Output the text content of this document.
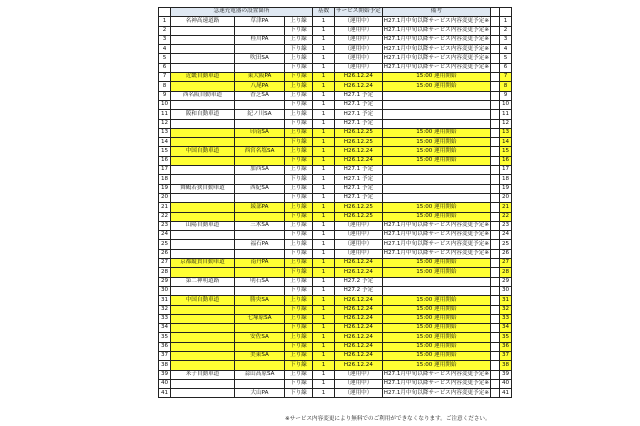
	急速充電器の設置箇所			基数	サービス開始予定	備考		
1	名神高速道路	草津PA	上り線	1	（運用中）	H27.1月中旬以降サービス内容変更予定※		1
2			下り線	1	（運用中）	H27.1月中旬以降サービス内容変更予定※		2
3		桂川PA	上り線	1	（運用中）	H27.1月中旬以降サービス内容変更予定※		3
4			下り線	1	（運用中）	H27.1月中旬以降サービス内容変更予定※		4
5		吹田SA	上り線	1	（運用中）	H27.1月中旬以降サービス内容変更予定※		5
6			下り線	1	（運用中）	H27.1月中旬以降サービス内容変更予定※		6
7	近畿自動車道	東大阪PA	下り線	1	H26.12.24	15:00 運用開始		7
8		八尾PA	上り線	1	H26.12.24	15:00 運用開始		8
9	西名阪自動車道	香芝SA	上り線	1	H27.1 予定			9
10			下り線	1	H27.1 予定			10
11	阪和自動車道	紀ノ川SA	上り線	1	H27.1 予定			11
12			下り線	1	H27.1 予定			12
13		印南SA	上り線	1	H26.12.25	15:00 運用開始		13
14			下り線	1	H26.12.25	15:00 運用開始		14
15	中国自動車道	西宮名塩SA	上り線	1	H26.12.24	15:00 運用開始		15
16			下り線	1	H26.12.24	15:00 運用開始		16
17		加西SA	上り線	1	H27.1 予定			17
18			下り線	1	H27.1 予定			18
19	舞鶴若狭自動車道	西紀SA	上り線	1	H27.1 予定			19
20			下り線	1	H27.1 予定			20
21		綾部PA	上り線	1	H26.12.25	15:00 運用開始		21
22			下り線	1	H26.12.25	15:00 運用開始		22
23	山陽自動車道	三木SA	上り線	1	（運用中）	H27.1月中旬以降サービス内容変更予定※		23
24			下り線	1	（運用中）	H27.1月中旬以降サービス内容変更予定※		24
25		福石PA	上り線	1	（運用中）	H27.1月中旬以降サービス内容変更予定※		25
26			下り線	1	（運用中）	H27.1月中旬以降サービス内容変更予定※		26
27	京都縦貫自動車道	南丹PA	上り線	1	H26.12.24	15:00 運用開始		27
28			下り線	1	H26.12.24	15:00 運用開始		28
29	第二神明道路	明石SA	上り線	1	H27.2 予定			29
30			下り線	1	H27.2 予定			30
31	中国自動車道	勝央SA	上り線	1	H26.12.24	15:00 運用開始		31
32			下り線	1	H26.12.24	15:00 運用開始		32
33		七塚原SA	上り線	1	H26.12.24	15:00 運用開始		33
34			下り線	1	H26.12.24	15:00 運用開始		34
35		安佐SA	上り線	1	H26.12.24	15:00 運用開始		35
36			下り線	1	H26.12.24	15:00 運用開始		36
37		美東SA	上り線	1	H26.12.24	15:00 運用開始		37
38			下り線	1	H26.12.24	15:00 運用開始		38
39	米子自動車道	蒜山高原SA	上り線	1	（運用中）	H27.1月中旬以降サービス内容変更予定※		39
40			下り線	1	（運用中）	H27.1月中旬以降サービス内容変更予定※		40
41		大山PA	下り線	1	（運用中）	H27.1月中旬以降サービス内容変更予定※		41
※サービス内容変更により無料でのご利用ができなくなります。ご注意ください。
